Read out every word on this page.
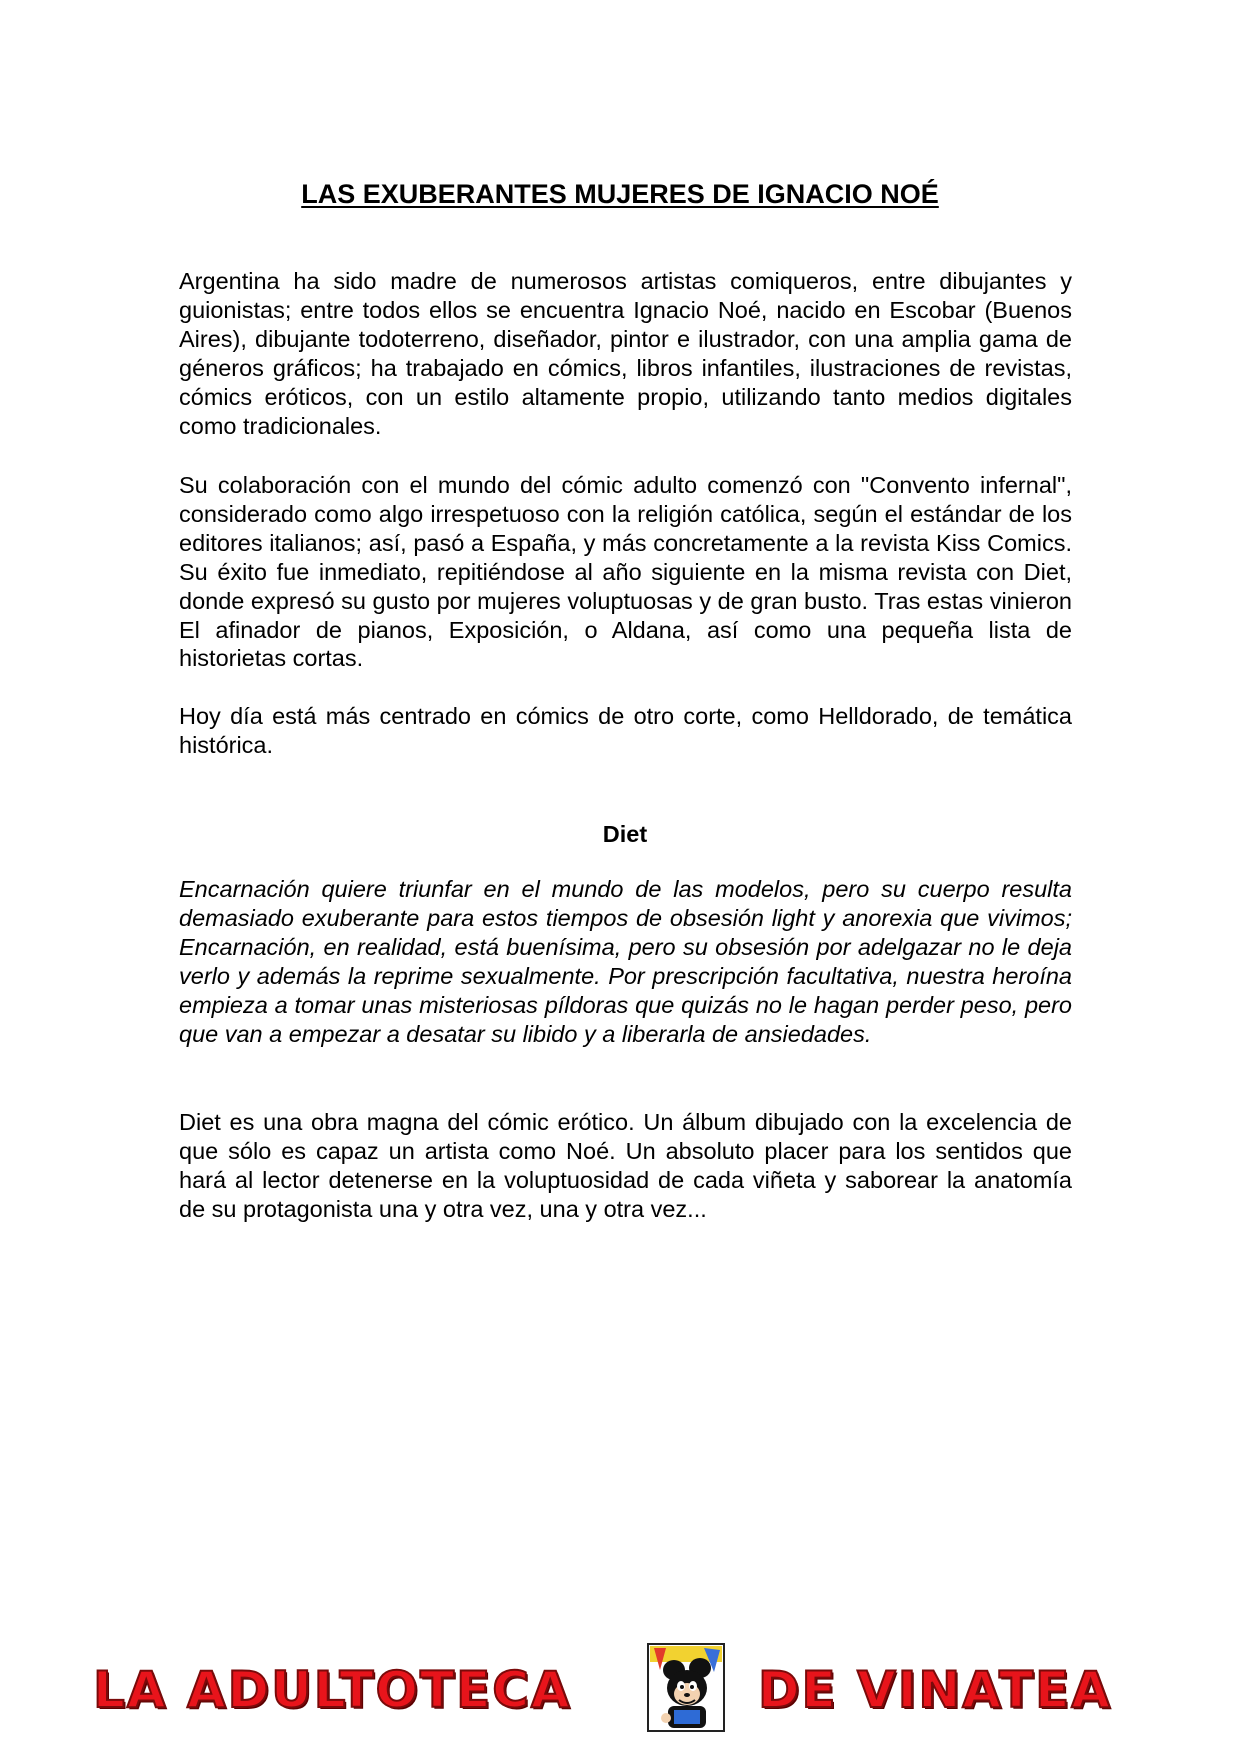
LAS EXUBERANTES MUJERES DE IGNACIO NOÉ

Argentina ha sido madre de numerosos artistas comiqueros, entre dibujantes y guionistas; entre todos ellos se encuentra Ignacio Noé, nacido en Escobar (Buenos Aires), dibujante todoterreno, diseñador, pintor e ilustrador, con una amplia gama de géneros gráficos; ha trabajado en cómics, libros infantiles, ilustraciones de revistas, cómics eróticos, con un estilo altamente propio, utilizando tanto medios digitales como tradicionales.

Su colaboración con el mundo del cómic adulto comenzó con "Convento infernal", considerado como algo irrespetuoso con la religión católica, según el estándar de los editores italianos; así, pasó a España, y más concretamente a la revista Kiss Comics. Su éxito fue inmediato, repitiéndose al año siguiente en la misma revista con Diet, donde expresó su gusto por mujeres voluptuosas y de gran busto. Tras estas vinieron El afinador de pianos, Exposición, o Aldana, así como una pequeña lista de historietas cortas.

Hoy día está más centrado en cómics de otro corte, como Helldorado, de temática histórica.

Diet

Encarnación quiere triunfar en el mundo de las modelos, pero su cuerpo resulta demasiado exuberante para estos tiempos de obsesión light y anorexia que vivimos; Encarnación, en realidad, está buenísima, pero su obsesión por adelgazar no le deja verlo y además la reprime sexualmente. Por prescripción facultativa, nuestra heroína empieza a tomar unas misteriosas píldoras que quizás no le hagan perder peso, pero que van a empezar a desatar su libido y a liberarla de ansiedades.

Diet es una obra magna del cómic erótico. Un álbum dibujado con la excelencia de que sólo es capaz un artista como Noé. Un absoluto placer para los sentidos que hará al lector detenerse en la voluptuosidad de cada viñeta y saborear la anatomía de su protagonista una y otra vez, una y otra vez...

LA ADULTOTECA	DE VINATEA
